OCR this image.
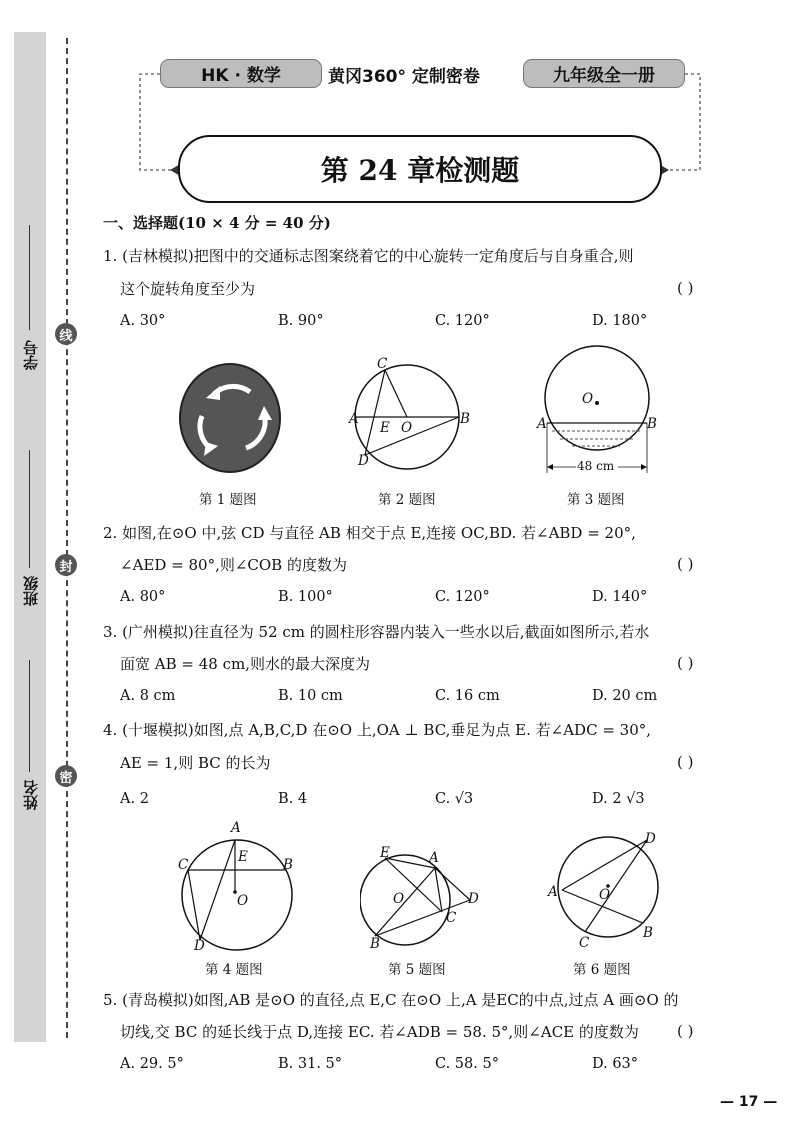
学号
班级
姓名
线
封
密
HK · 数学	黄冈360° 定制密卷	九年级全一册
第 24 章检测题
一、选择题(10 × 4 分 = 40 分)
1. (吉林模拟)把图中的交通标志图案绕着它的中心旋转一定角度后与自身重合,则
这个旋转角度至少为	( )
A. 30°	B. 90°	C. 120°	D. 180°
第 1 题图
A	B
C
D
E O
第 2 题图
O
A	B
48 cm
第 3 题图
2. 如图,在⊙O 中,弦 CD 与直径 AB 相交于点 E,连接 OC,BD. 若∠ABD = 20°,
∠AED = 80°,则∠COB 的度数为	( )
A. 80°	B. 100°	C. 120°	D. 140°
3. (广州模拟)往直径为 52 cm 的圆柱形容器内装入一些水以后,截面如图所示,若水
面宽 AB = 48 cm,则水的最大深度为	( )
A. 8 cm	B. 10 cm	C. 16 cm	D. 20 cm
4. (十堰模拟)如图,点 A,B,C,D 在⊙O 上,OA ⊥ BC,垂足为点 E. 若∠ADC = 30°,
AE = 1,则 BC 的长为	( )
A. 2	B. 4	C. √3	D. 2 √3
A
B
C
D
E
O
第 4 题图
E	A
O	D
C
B
第 5 题图
D
A	O
B
C
第 6 题图
5. (青岛模拟)如图,AB 是⊙O 的直径,点 E,C 在⊙O 上,A 是EC的中点,过点 A 画⊙O 的
切线,交 BC 的延长线于点 D,连接 EC. 若∠ADB = 58. 5°,则∠ACE 的度数为	( )
A. 29. 5°	B. 31. 5°	C. 58. 5°	D. 63°
— 17 —
